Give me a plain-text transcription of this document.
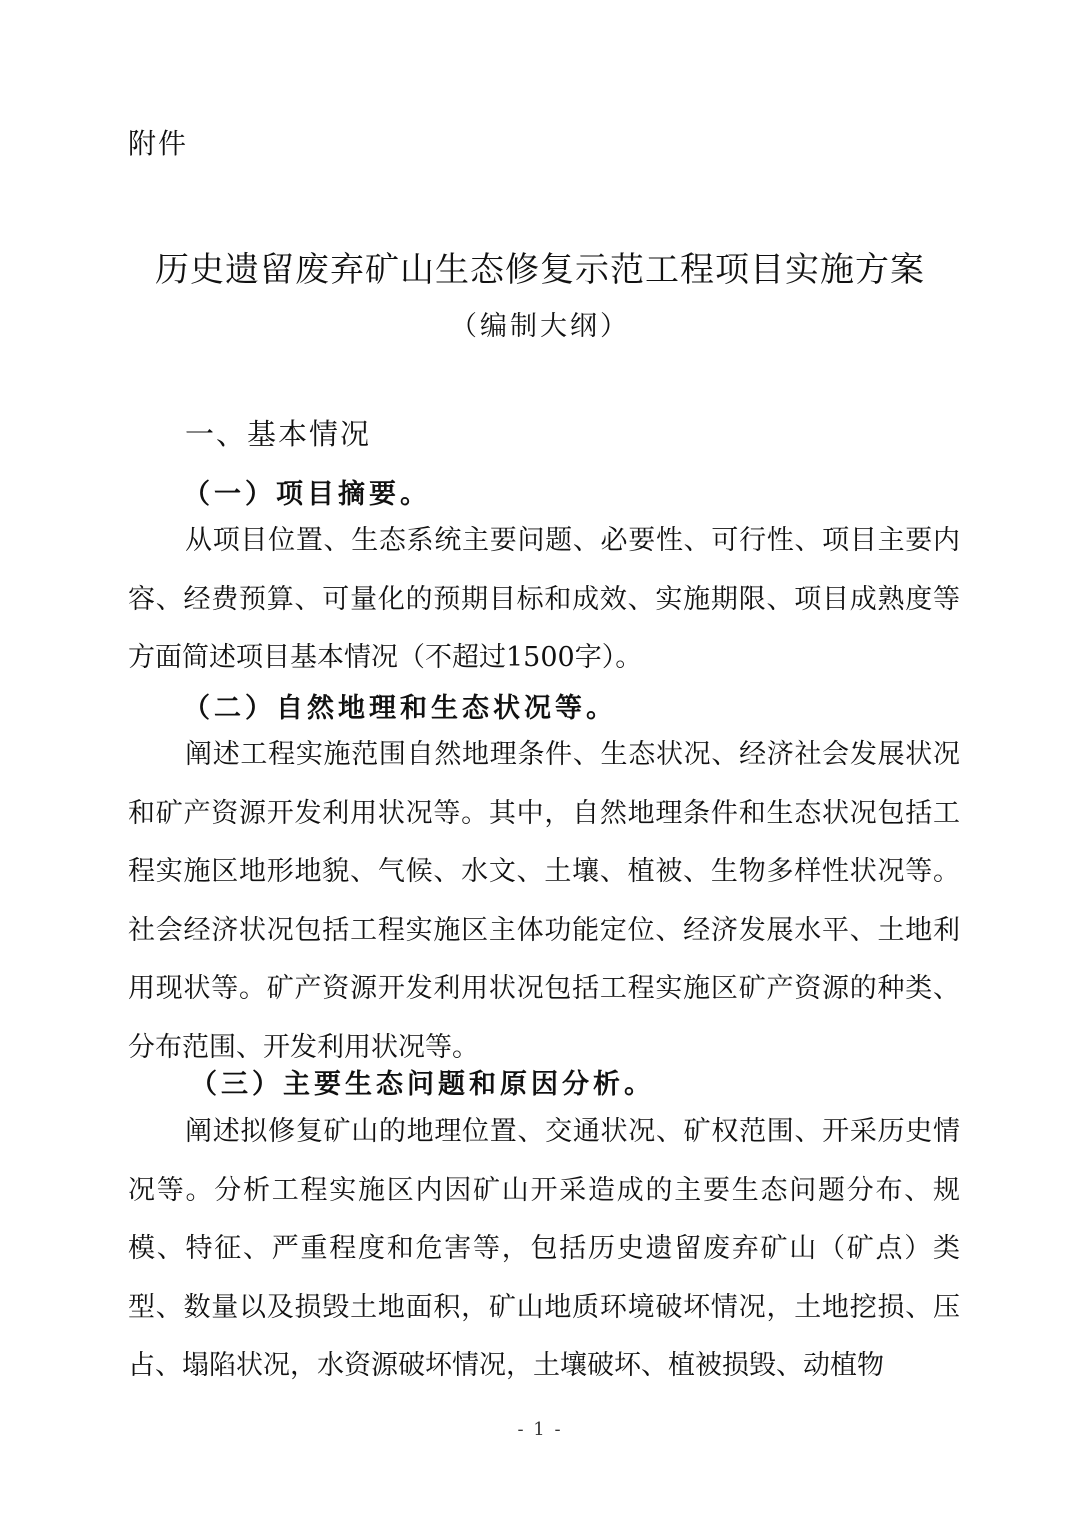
附件
历史遗留废弃矿山生态修复示范工程项目实施方案
（编制大纲）
一、基本情况
（一）项目摘要。
从项目位置、生态系统主要问题、必要性、可行性、项目主要内容、经费预算、可量化的预期目标和成效、实施期限、项目成熟度等方面简述项目基本情况（不超过1500字）。
（二）自然地理和生态状况等。
阐述工程实施范围自然地理条件、生态状况、经济社会发展状况和矿产资源开发利用状况等。其中，自然地理条件和生态状况包括工程实施区地形地貌、气候、水文、土壤、植被、生物多样性状况等。社会经济状况包括工程实施区主体功能定位、经济发展水平、土地利用现状等。矿产资源开发利用状况包括工程实施区矿产资源的种类、分布范围、开发利用状况等。
（三）主要生态问题和原因分析。
阐述拟修复矿山的地理位置、交通状况、矿权范围、开采历史情况等。分析工程实施区内因矿山开采造成的主要生态问题分布、规模、特征、严重程度和危害等，包括历史遗留废弃矿山（矿点）类型、数量以及损毁土地面积，矿山地质环境破坏情况，土地挖损、压占、塌陷状况，水资源破坏情况，土壤破坏、植被损毁、动植物
- 1 -
